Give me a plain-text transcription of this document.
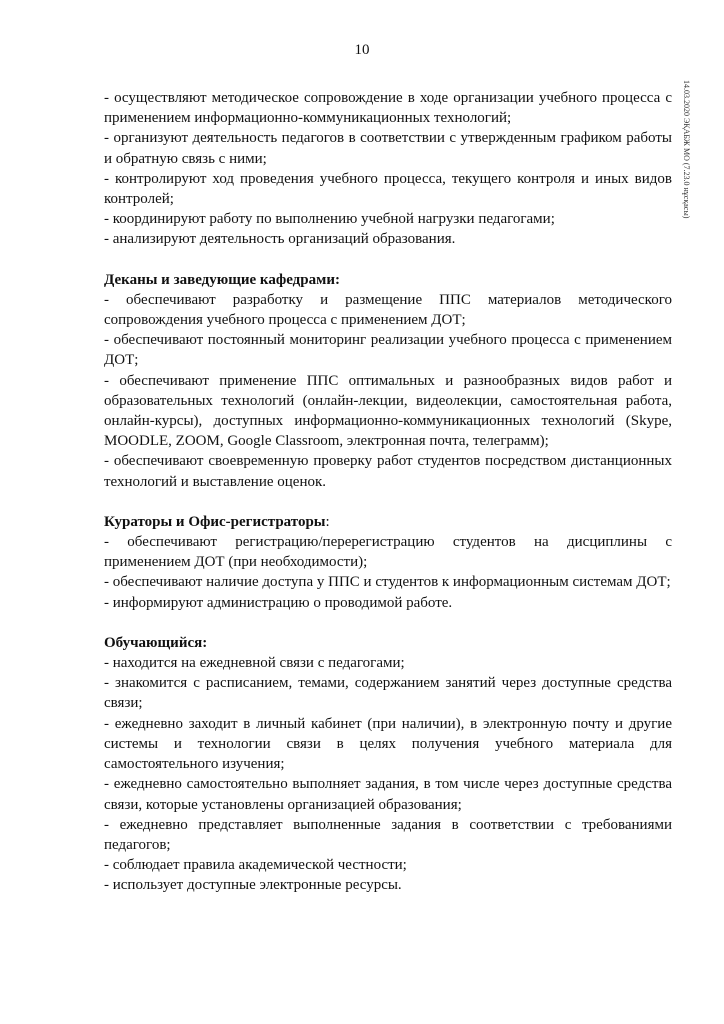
10
14.03.2020 ЭҚАБЖ МО (7.23.0 нұсқасы)

- осуществляют методическое сопровождение в ходе организации учебного процесса с применением информационно-коммуникационных технологий;

- организуют деятельность педагогов в соответствии с утвержденным графиком работы и обратную связь с ними;

- контролируют ход проведения учебного процесса, текущего контроля и иных видов контролей;

- координируют работу по выполнению учебной нагрузки педагогами;

- анализируют деятельность организаций образования.

Деканы и заведующие кафедрами:

- обеспечивают разработку и размещение ППС материалов методического сопровождения учебного процесса с применением ДОТ;

- обеспечивают постоянный мониторинг реализации учебного процесса с применением ДОТ;

- обеспечивают применение ППС оптимальных и разнообразных видов работ и образовательных технологий (онлайн-лекции, видеолекции, самостоятельная работа, онлайн-курсы), доступных информационно-коммуникационных технологий (Skype, MOODLE, ZOOM, Google Classroom, электронная почта, телеграмм);

- обеспечивают своевременную проверку работ студентов посредством дистанционных технологий и выставление оценок.

Кураторы и Офис-регистраторы:

- обеспечивают регистрацию/перерегистрацию студентов на дисциплины с применением ДОТ (при необходимости);

- обеспечивают наличие доступа у ППС и студентов к информационным системам ДОТ;

- информируют администрацию о проводимой работе.

Обучающийся:

- находится на ежедневной связи с педагогами;

- знакомится с расписанием, темами, содержанием занятий через доступные средства связи;

- ежедневно заходит в личный кабинет (при наличии), в электронную почту и другие системы и технологии связи в целях получения учебного материала для самостоятельного изучения;

- ежедневно самостоятельно выполняет задания, в том числе через доступные средства связи, которые установлены организацией образования;

- ежедневно представляет выполненные задания в соответствии с требованиями педагогов;

- соблюдает правила академической честности;

- использует доступные электронные ресурсы.
